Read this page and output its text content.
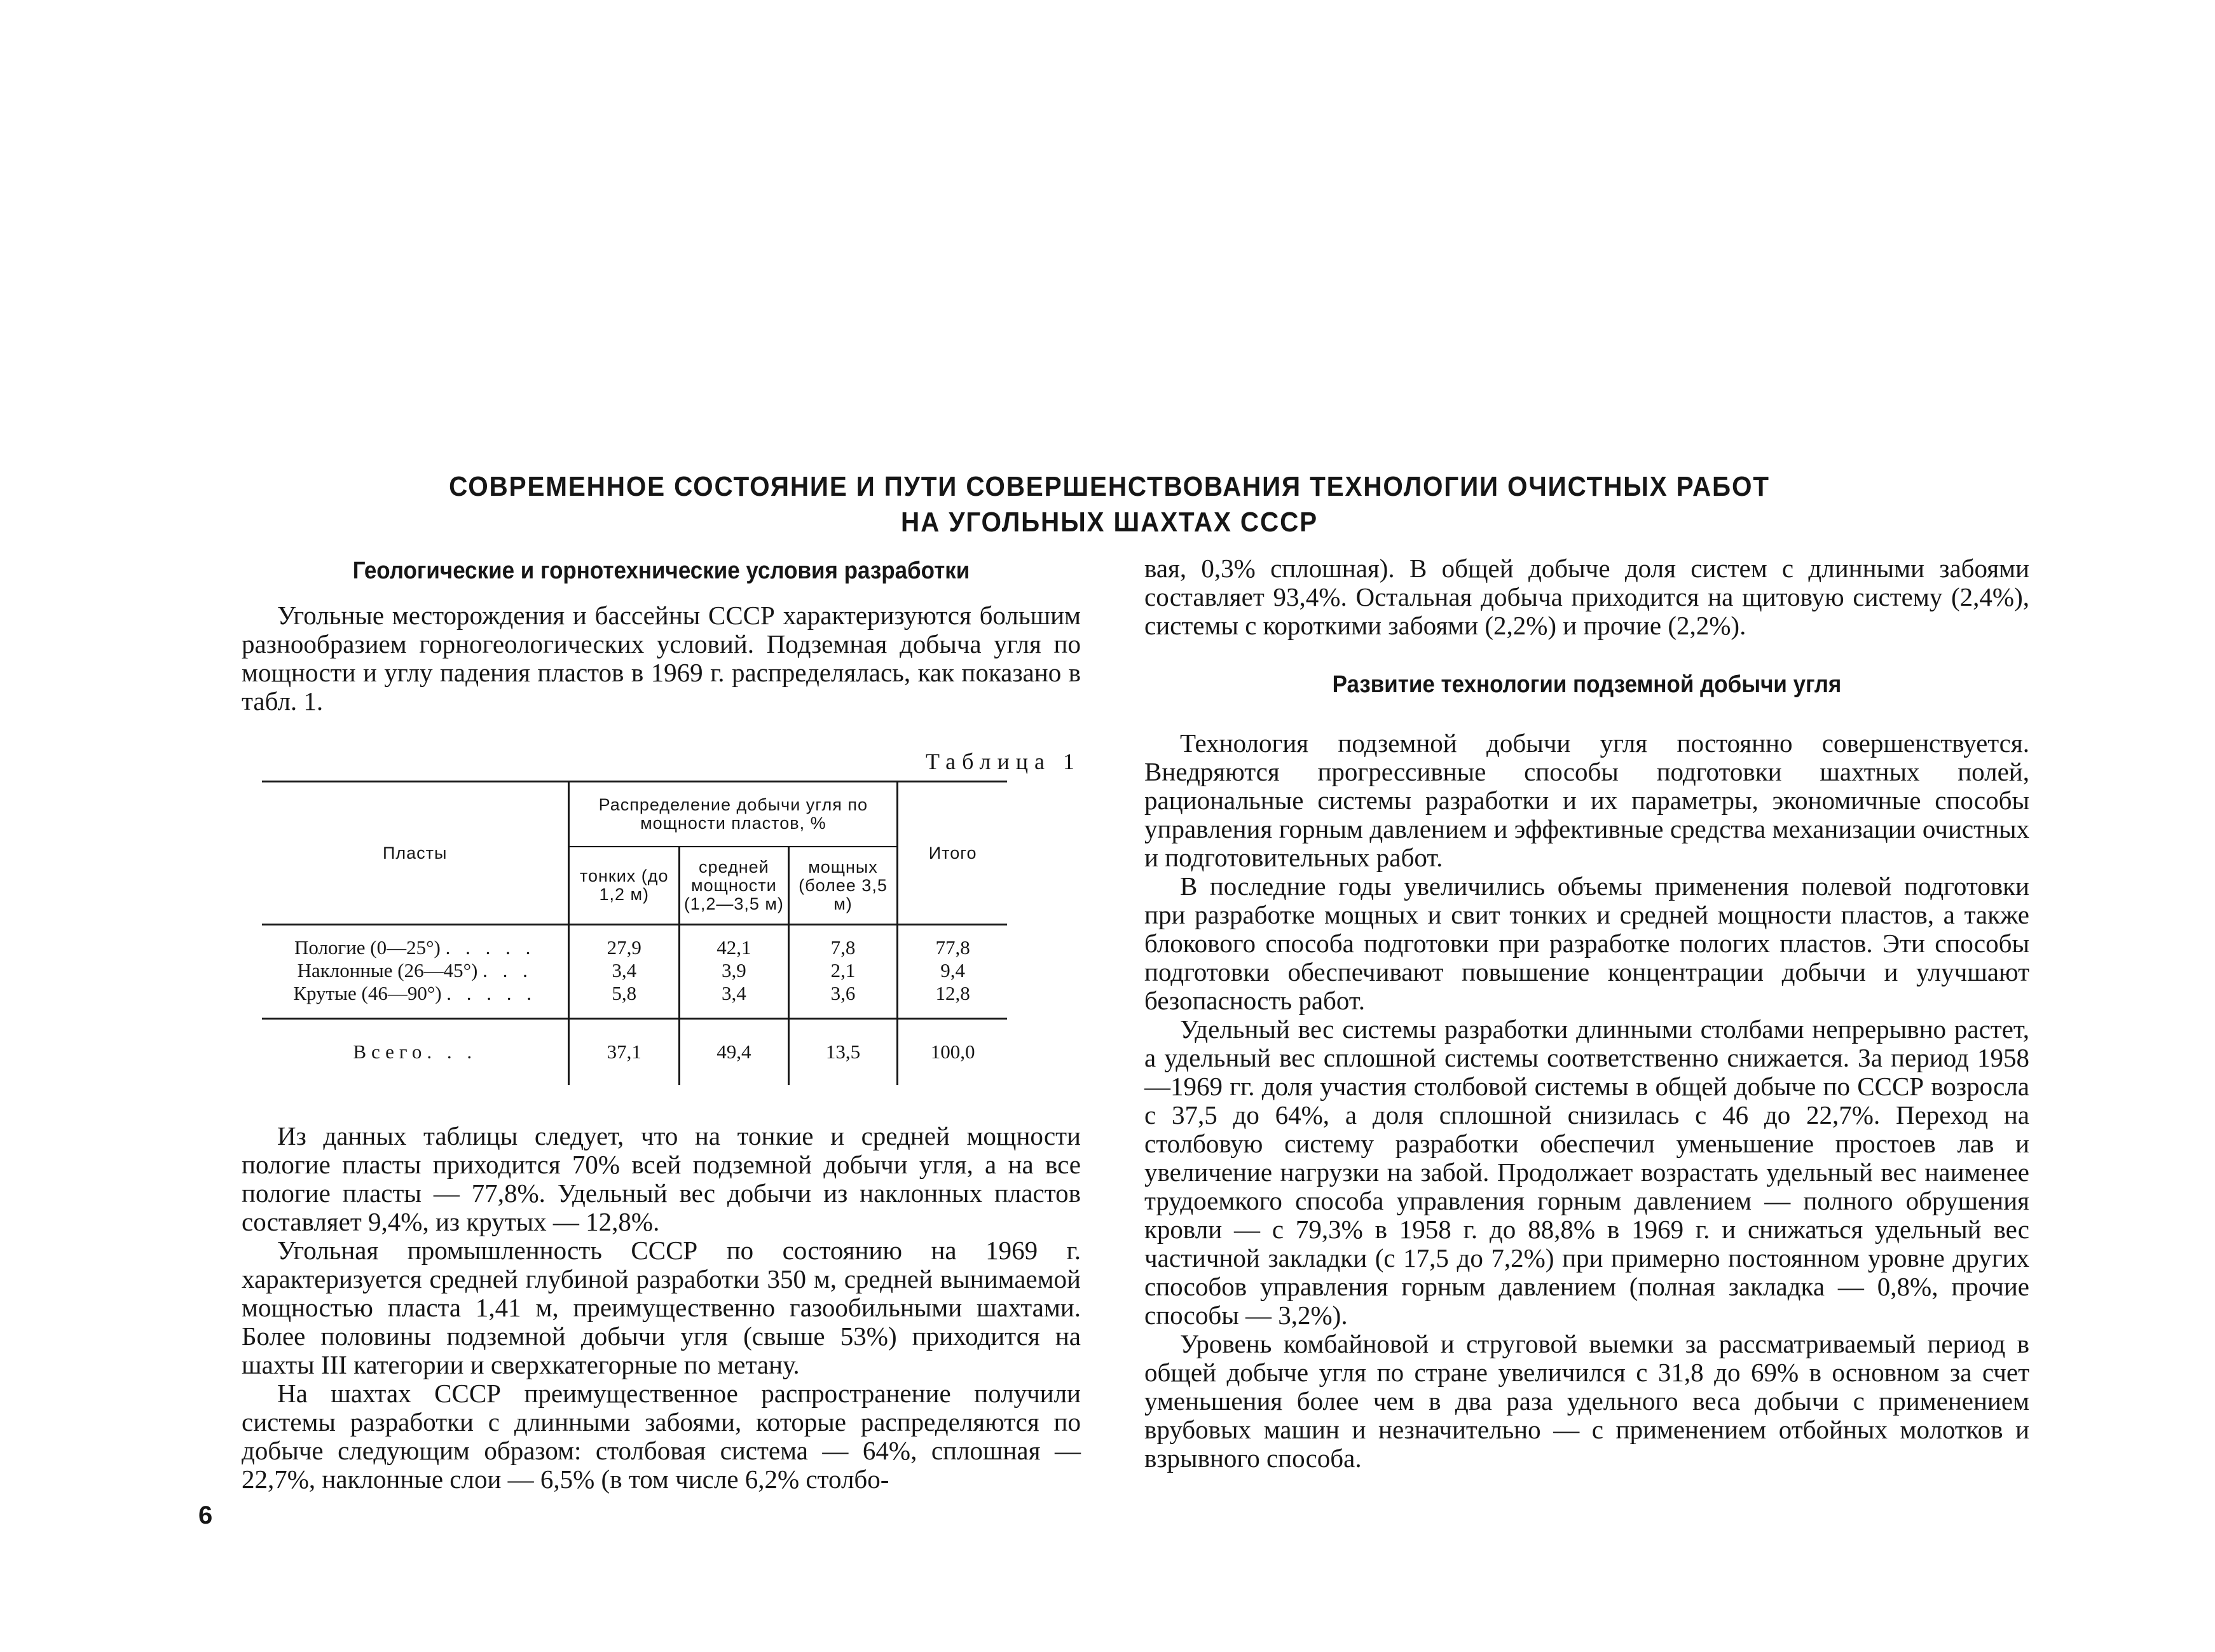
СОВРЕМЕННОЕ СОСТОЯНИЕ И ПУТИ СОВЕРШЕНСТВОВАНИЯ ТЕХНОЛОГИИ ОЧИСТНЫХ РАБОТ
НА УГОЛЬНЫХ ШАХТАХ СССР
Геологические и горнотехнические условия разработки

Угольные месторождения и бассейны СССР характеризуются большим разнообразием горногеологических условий. Подземная добыча угля по мощности и углу падения пластов в 1969 г. распределялась, как показано в табл. 1.

Таблица 1
Пласты	Распределение добычи угля по мощности пластов, %			Итого
	тонких (до 1,2 м)	средней мощности (1,2—3,5 м)	мощных (более 3,5 м)	

Пологие (0—25°) . . . . .	27,9	42,1	7,8	77,8
Наклонные (26—45°) . . .	3,4	3,9	2,1	9,4
Крутые (46—90°) . . . . .	5,8	3,4	3,6	12,8

Всего. . .	37,1	49,4	13,5	100,0

Из данных таблицы следует, что на тонкие и средней мощности пологие пласты приходится 70% всей подземной добычи угля, а на все пологие пласты — 77,8%. Удельный вес добычи из наклонных пластов составляет 9,4%, из крутых — 12,8%.

Угольная промышленность СССР по состоянию на 1969 г. характеризуется средней глубиной разработки 350 м, средней вынимаемой мощностью пласта 1,41 м, преимущественно газообильными шахтами. Более половины подземной добычи угля (свыше 53%) приходится на шахты III категории и сверхкатегорные по метану.

На шахтах СССР преимущественное распространение получили системы разработки с длинными забоями, которые распределяются по добыче следующим образом: столбовая система — 64%, сплошная — 22,7%, наклонные слои — 6,5% (в том числе 6,2% столбо-

вая, 0,3% сплошная). В общей добыче доля систем с длинными забоями составляет 93,4%. Остальная добыча приходится на щитовую систему (2,4%), системы с короткими забоями (2,2%) и прочие (2,2%).

Развитие технологии подземной добычи угля

Технология подземной добычи угля постоянно совершенствуется. Внедряются прогрессивные способы подготовки шахтных полей, рациональные системы разработки и их параметры, экономичные способы управления горным давлением и эффективные средства механизации очистных и подготовительных работ.

В последние годы увеличились объемы применения полевой подготовки при разработке мощных и свит тонких и средней мощности пластов, а также блокового способа подготовки при разработке пологих пластов. Эти способы подготовки обеспечивают повышение концентрации добычи и улучшают безопасность работ.

Удельный вес системы разработки длинными столбами непрерывно растет, а удельный вес сплошной системы соответственно снижается. За период 1958—1969 гг. доля участия столбовой системы в общей добыче по СССР возросла с 37,5 до 64%, а доля сплошной снизилась с 46 до 22,7%. Переход на столбовую систему разработки обеспечил уменьшение простоев лав и увеличение нагрузки на забой. Продолжает возрастать удельный вес наименее трудоемкого способа управления горным давлением — полного обрушения кровли — с 79,3% в 1958 г. до 88,8% в 1969 г. и снижаться удельный вес частичной закладки (с 17,5 до 7,2%) при примерно постоянном уровне других способов управления горным давлением (полная закладка — 0,8%, прочие способы — 3,2%).

Уровень комбайновой и струговой выемки за рассматриваемый период в общей добыче угля по стране увеличился с 31,8 до 69% в основном за счет уменьшения более чем в два раза удельного веса добычи с применением врубовых машин и незначительно — с применением отбойных молотков и взрывного способа.

6
